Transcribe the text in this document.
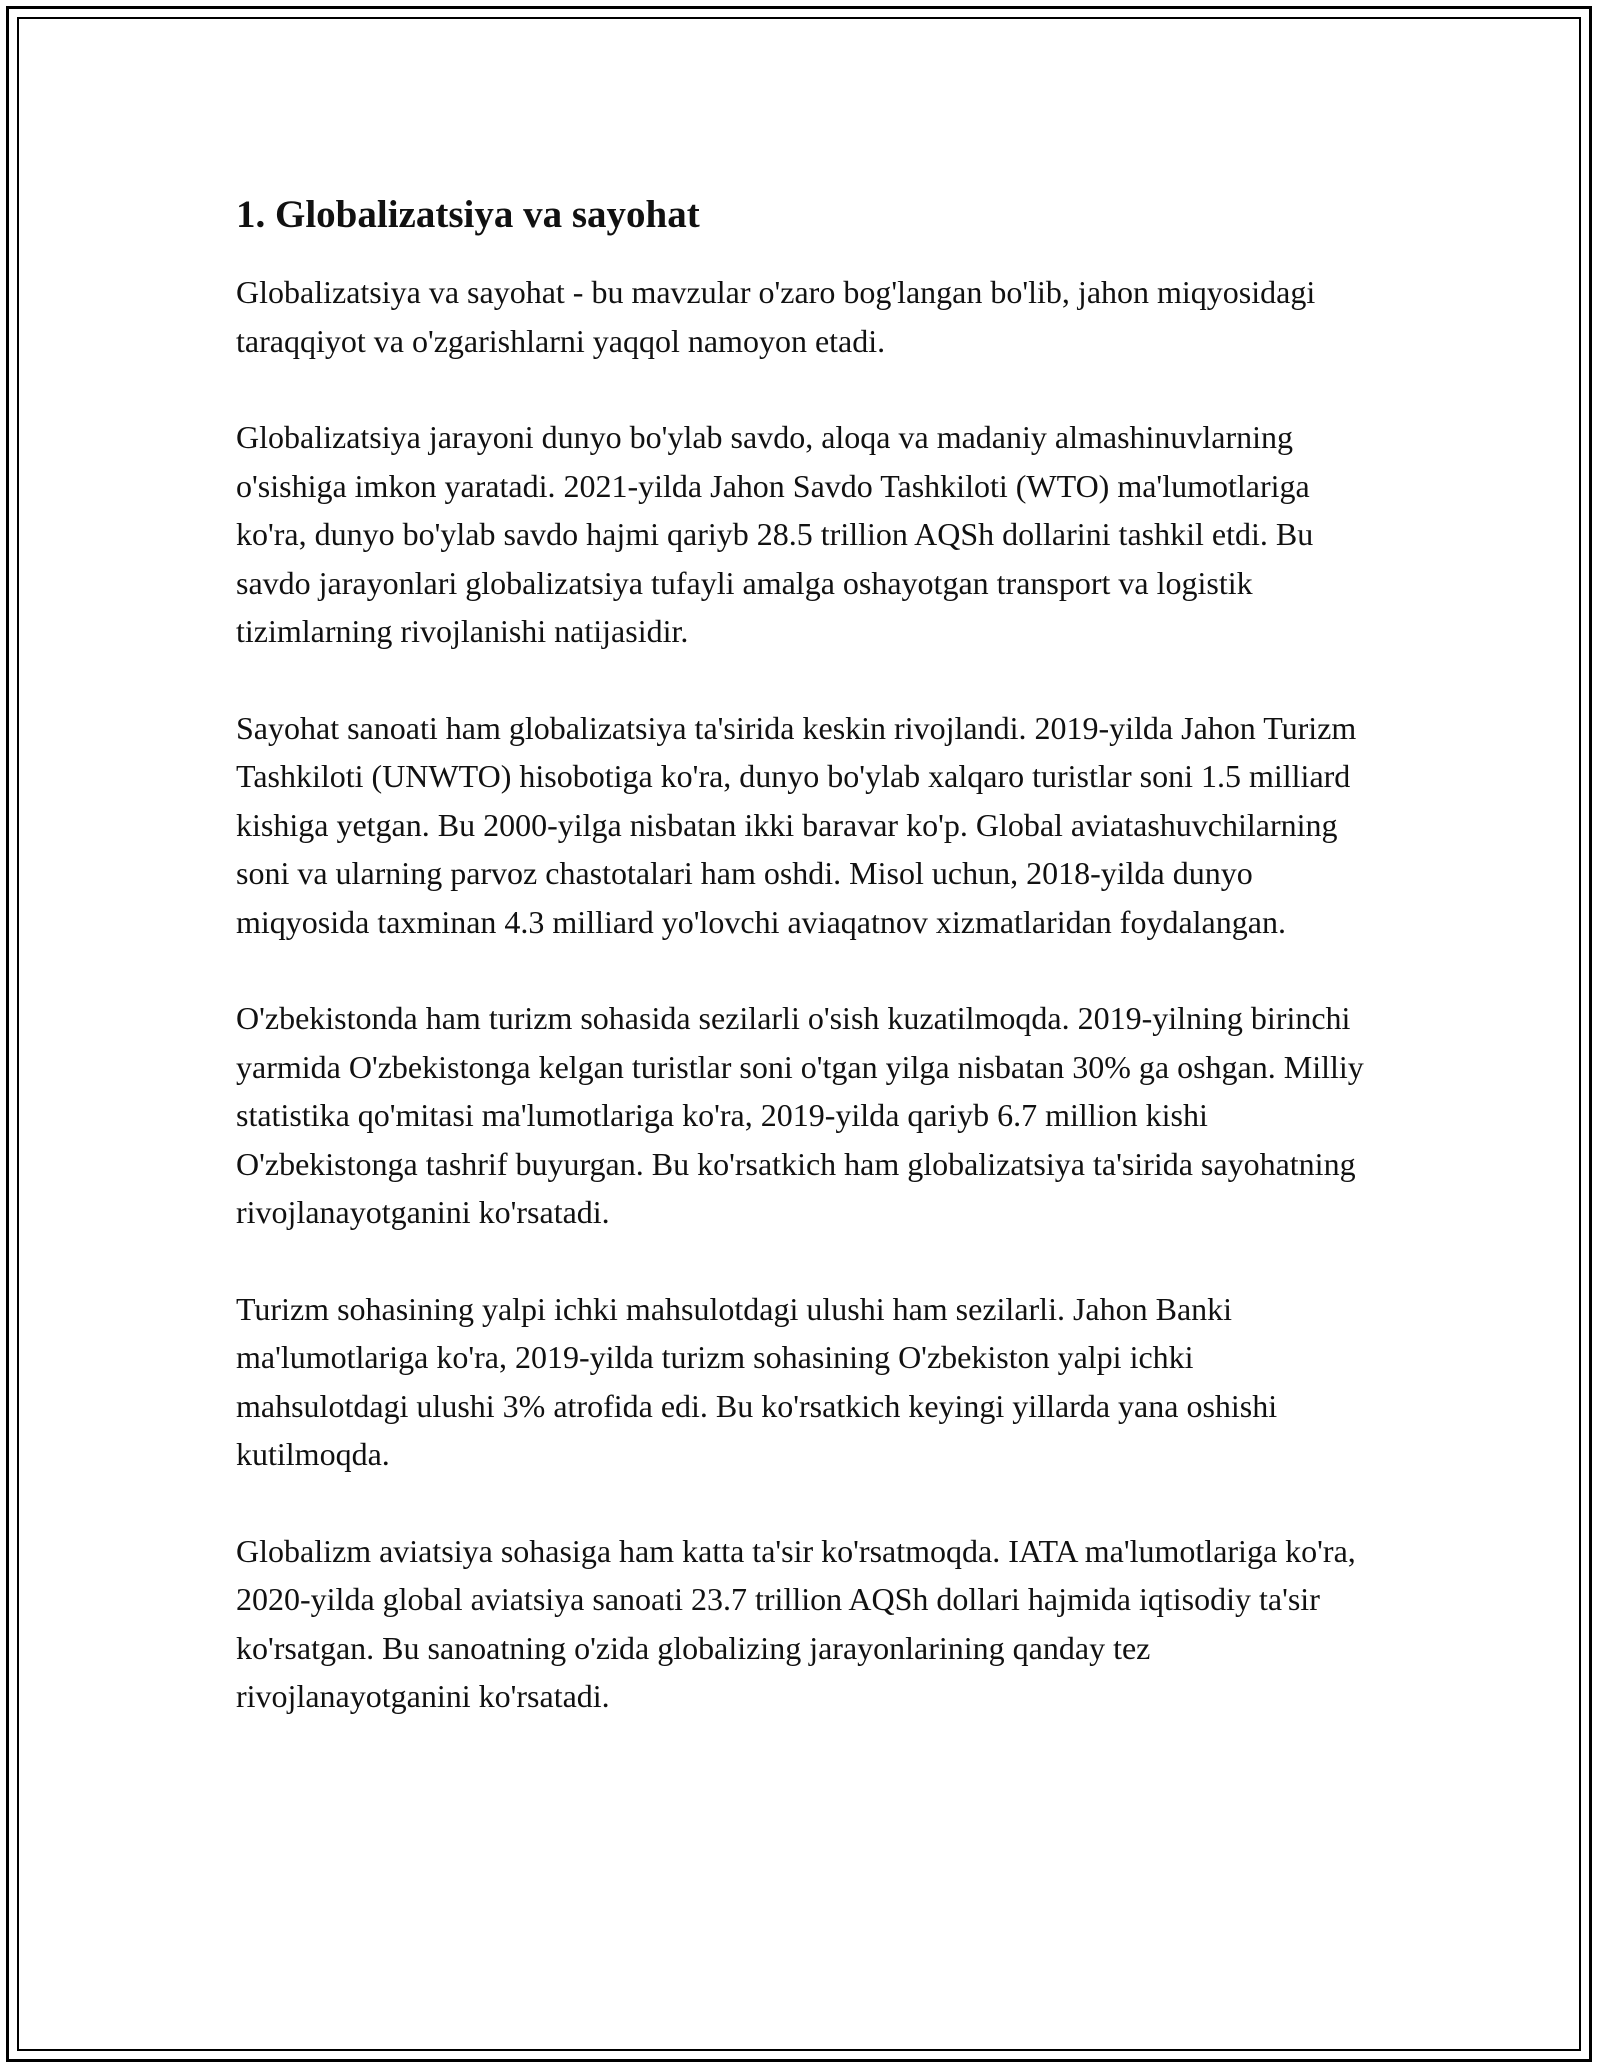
1. Globalizatsiya va sayohat

Globalizatsiya va sayohat - bu mavzular o'zaro bog'langan bo'lib, jahon miqyosidagi taraqqiyot va o'zgarishlarni yaqqol namoyon etadi.

Globalizatsiya jarayoni dunyo bo'ylab savdo, aloqa va madaniy almashinuvlarning o'sishiga imkon yaratadi. 2021-yilda Jahon Savdo Tashkiloti (WTO) ma'lumotlariga ko'ra, dunyo bo'ylab savdo hajmi qariyb 28.5 trillion AQSh dollarini tashkil etdi. Bu savdo jarayonlari globalizatsiya tufayli amalga oshayotgan transport va logistik tizimlarning rivojlanishi natijasidir.

Sayohat sanoati ham globalizatsiya ta'sirida keskin rivojlandi. 2019-yilda Jahon Turizm Tashkiloti (UNWTO) hisobotiga ko'ra, dunyo bo'ylab xalqaro turistlar soni 1.5 milliard kishiga yetgan. Bu 2000-yilga nisbatan ikki baravar ko'p. Global aviatashuvchilarning soni va ularning parvoz chastotalari ham oshdi. Misol uchun, 2018-yilda dunyo miqyosida taxminan 4.3 milliard yo'lovchi aviaqatnov xizmatlaridan foydalangan.

O'zbekistonda ham turizm sohasida sezilarli o'sish kuzatilmoqda. 2019-yilning birinchi yarmida O'zbekistonga kelgan turistlar soni o'tgan yilga nisbatan 30% ga oshgan. Milliy statistika qo'mitasi ma'lumotlariga ko'ra, 2019-yilda qariyb 6.7 million kishi O'zbekistonga tashrif buyurgan. Bu ko'rsatkich ham globalizatsiya ta'sirida sayohatning rivojlanayotganini ko'rsatadi.

Turizm sohasining yalpi ichki mahsulotdagi ulushi ham sezilarli. Jahon Banki ma'lumotlariga ko'ra, 2019-yilda turizm sohasining O'zbekiston yalpi ichki mahsulotdagi ulushi 3% atrofida edi. Bu ko'rsatkich keyingi yillarda yana oshishi kutilmoqda.

Globalizm aviatsiya sohasiga ham katta ta'sir ko'rsatmoqda. IATA ma'lumotlariga ko'ra, 2020-yilda global aviatsiya sanoati 23.7 trillion AQSh dollari hajmida iqtisodiy ta'sir ko'rsatgan. Bu sanoatning o'zida globalizing jarayonlarining qanday tez rivojlanayotganini ko'rsatadi.
